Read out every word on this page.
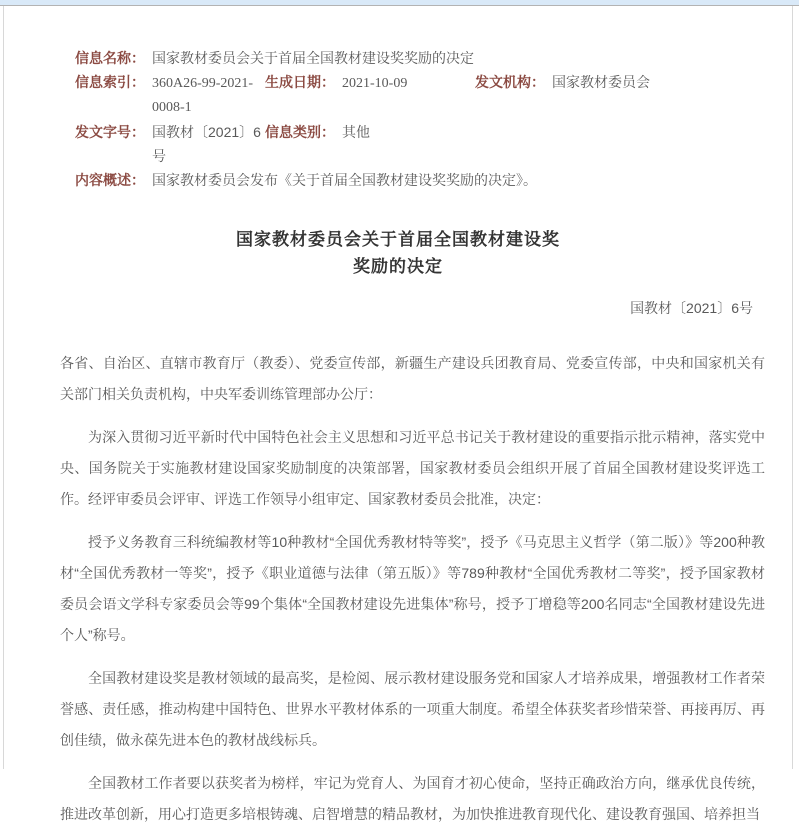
信息名称： 国家教材委员会关于首届全国教材建设奖奖励的决定
信息索引： 360A26-99-2021-0008-1
生成日期： 2021-10-09	发文机构： 国家教材委员会
发文字号： 国教材〔2021〕6号
信息类别： 其他
内容概述： 国家教材委员会发布《关于首届全国教材建设奖奖励的决定》。
国家教材委员会关于首届全国教材建设奖
奖励的决定
国教材〔2021〕6号

各省、自治区、直辖市教育厅（教委）、党委宣传部，新疆生产建设兵团教育局、党委宣传部，中央和国家机关有关部门相关负责机构，中央军委训练管理部办公厅：

为深入贯彻习近平新时代中国特色社会主义思想和习近平总书记关于教材建设的重要指示批示精神，落实党中央、国务院关于实施教材建设国家奖励制度的决策部署，国家教材委员会组织开展了首届全国教材建设奖评选工作。经评审委员会评审、评选工作领导小组审定、国家教材委员会批准，决定：

授予义务教育三科统编教材等10种教材“全国优秀教材特等奖”，授予《马克思主义哲学（第二版）》等200种教材“全国优秀教材一等奖”，授予《职业道德与法律（第五版）》等789种教材“全国优秀教材二等奖”，授予国家教材委员会语文学科专家委员会等99个集体“全国教材建设先进集体”称号，授予丁增稳等200名同志“全国教材建设先进个人”称号。

全国教材建设奖是教材领域的最高奖，是检阅、展示教材建设服务党和国家人才培养成果，增强教材工作者荣誉感、责任感，推动构建中国特色、世界水平教材体系的一项重大制度。希望全体获奖者珍惜荣誉、再接再厉、再创佳绩，做永葆先进本色的教材战线标兵。

全国教材工作者要以获奖者为榜样，牢记为党育人、为国育才初心使命，坚持正确政治方向，继承优良传统，推进改革创新，用心打造更多培根铸魂、启智增慧的精品教材，为加快推进教育现代化、建设教育强国、培养担当
